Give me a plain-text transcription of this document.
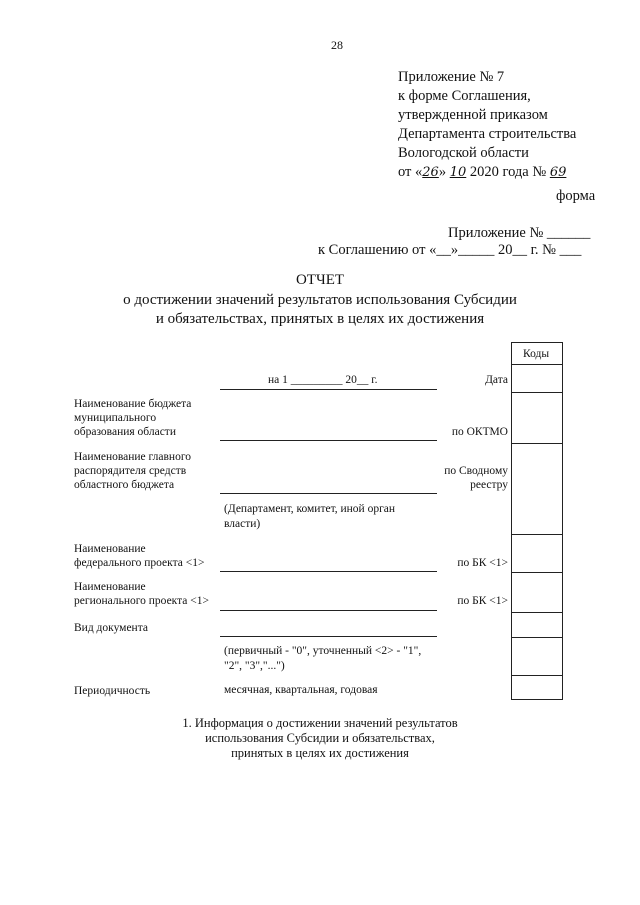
28
Приложение № 7
к форме Соглашения,
утвержденной приказом
Департамента строительства
Вологодской области
от «26» 10 2020 года № 69
форма
Приложение № ______
к Соглашению от «__»_____ 20__ г. № ___
ОТЧЕТ
о достижении значений результатов использования Субсидии
и обязательствах, принятых в целях их достижения
Коды
на 1 _________ 20__ г.	Дата
Наименование бюджета
муниципального
образования области	по ОКТМО
Наименование главного
распорядителя средств
областного бюджета
по Сводному
реестру
(Департамент, комитет, иной орган
власти)
Наименование
федерального проекта <1>	по БК <1>
Наименование
регионального проекта <1>	по БК <1>
Вид документа
(первичный - "0", уточненный <2> - "1",
"2", "3","...")
Периодичность	месячная, квартальная, годовая
1. Информация о достижении значений результатов
использования Субсидии и обязательствах,
принятых в целях их достижения
